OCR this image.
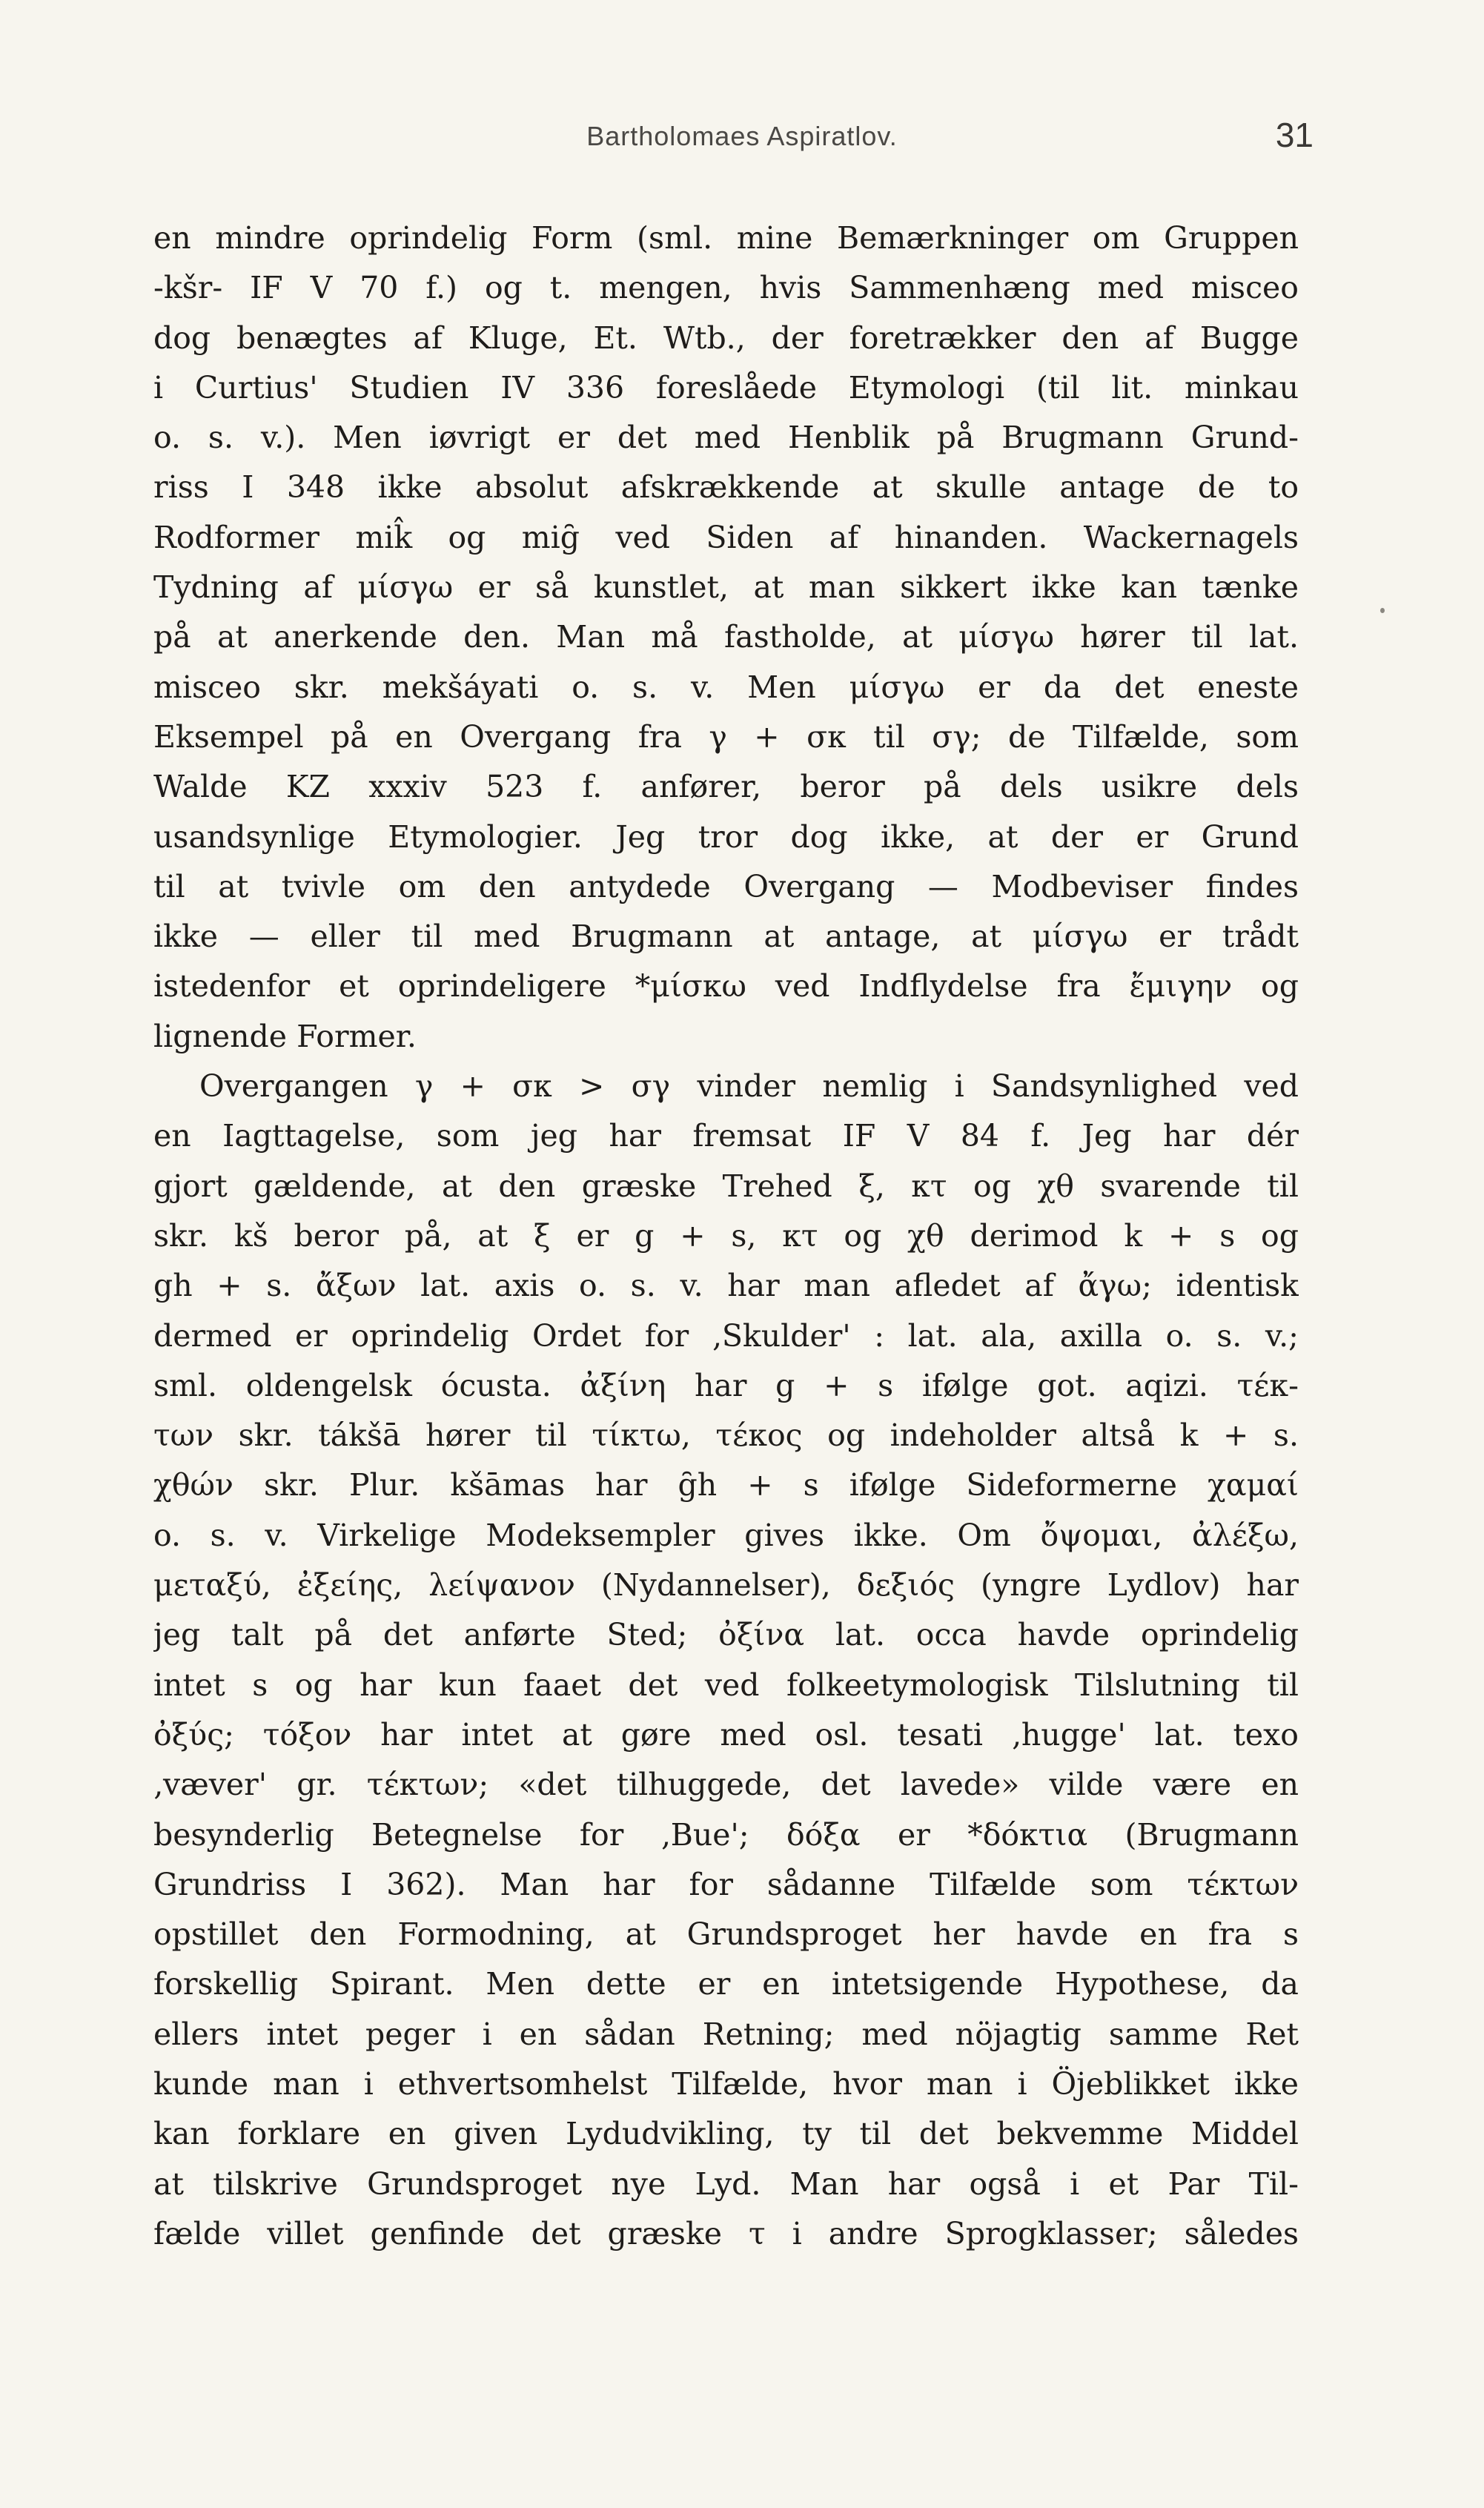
Bartholomaes Aspiratlov.	31
en mindre oprindelig Form (sml. mine Bemærkninger om Gruppen
-kšr- IF V 70 f.) og t. mengen, hvis Sammenhæng med misceo
dog benægtes af Kluge, Et. Wtb., der foretrækker den af Bugge
i Curtius' Studien IV 336 foreslåede Etymologi (til lit. minkau
o. s. v.). Men iøvrigt er det med Henblik på Brugmann Grund-
riss I 348 ikke absolut afskrækkende at skulle antage de to
Rodformer mik̂ og mig̑ ved Siden af hinanden. Wackernagels
Tydning af μίσγω er så kunstlet, at man sikkert ikke kan tænke
på at anerkende den. Man må fastholde, at μίσγω hører til lat.
misceo skr. mekšáyati o. s. v. Men μίσγω er da det eneste
Eksempel på en Overgang fra γ + σκ til σγ; de Tilfælde, som
Walde KZ xxxiv 523 f. anfører, beror på dels usikre dels
usandsynlige Etymologier. Jeg tror dog ikke, at der er Grund
til at tvivle om den antydede Overgang — Modbeviser findes
ikke — eller til med Brugmann at antage, at μίσγω er trådt
istedenfor et oprindeligere *μίσκω ved Indflydelse fra ἔμιγην og
lignende Former.
Overgangen γ + σκ > σγ vinder nemlig i Sandsynlighed ved
en Iagttagelse, som jeg har fremsat IF V 84 f. Jeg har dér
gjort gældende, at den græske Trehed ξ, κτ og χθ svarende til
skr. kš beror på, at ξ er g + s, κτ og χθ derimod k + s og
gh + s. ἄξων lat. axis o. s. v. har man afledet af ἄγω; identisk
dermed er oprindelig Ordet for ‚Skulder' : lat. ala, axilla o. s. v.;
sml. oldengelsk ócusta. ἀξίνη har g + s ifølge got. aqizi. τέκ-
των skr. tákšā hører til τίκτω, τέκος og indeholder altså k + s.
χθών skr. Plur. kšāmas har g̑h + s ifølge Sideformerne χαμαί
o. s. v. Virkelige Modeksempler gives ikke. Om ὄψομαι, ἀλέξω,
μεταξύ, ἐξείης, λείψανον (Nydannelser), δεξιός (yngre Lydlov) har
jeg talt på det anførte Sted; ὀξίνα lat. occa havde oprindelig
intet s og har kun faaet det ved folkeetymologisk Tilslutning til
ὀξύς; τόξον har intet at gøre med osl. tesati ‚hugge' lat. texo
‚væver' gr. τέκτων; «det tilhuggede, det lavede» vilde være en
besynderlig Betegnelse for ‚Bue'; δόξα er *δόκτια (Brugmann
Grundriss I 362). Man har for sådanne Tilfælde som τέκτων
opstillet den Formodning, at Grundsproget her havde en fra s
forskellig Spirant. Men dette er en intetsigende Hypothese, da
ellers intet peger i en sådan Retning; med nöjagtig samme Ret
kunde man i ethvertsomhelst Tilfælde, hvor man i Öjeblikket ikke
kan forklare en given Lydudvikling, ty til det bekvemme Middel
at tilskrive Grundsproget nye Lyd. Man har også i et Par Til-
fælde villet genfinde det græske τ i andre Sprogklasser; således
